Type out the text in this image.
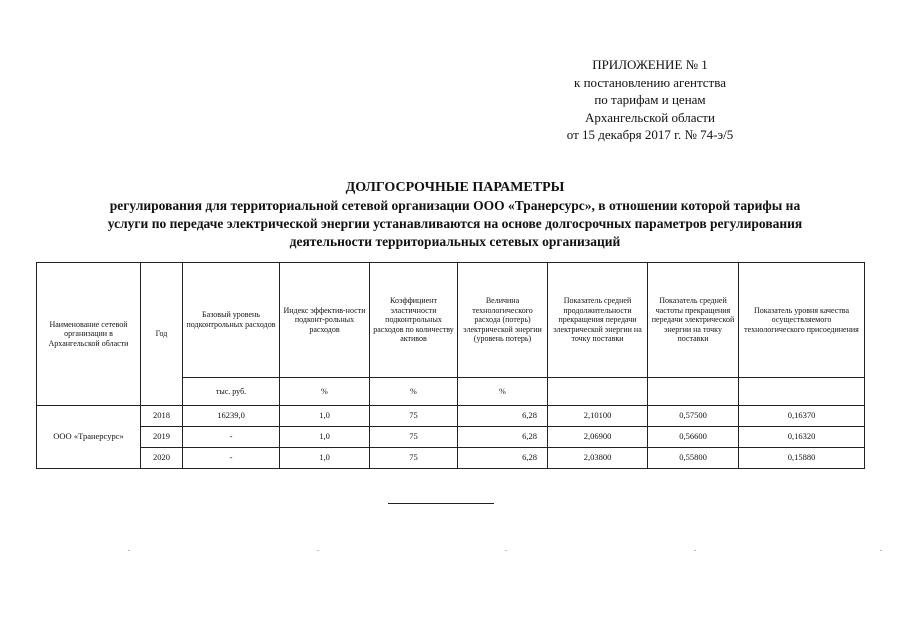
ПРИЛОЖЕНИЕ № 1
к постановлению агентства
по тарифам и ценам
Архангельской области
от 15 декабря 2017 г. № 74-э/5
ДОЛГОСРОЧНЫЕ ПАРАМЕТРЫ
регулирования для территориальной сетевой организации ООО «Транерсурс», в отношении которой тарифы на
услуги по передаче электрической энергии устанавливаются на основе долгосрочных параметров регулирования
деятельности территориальных сетевых организаций
Наименование сетевой организации в Архангельской области	Год	Базовый уровень подконтрольных расходов	Индекс эффектив-ности подконт-рольных расходов	Коэффициент эластичности подконтрольных расходов по количеству активов	Величина технологического расхода (потерь) электрической энергии (уровень потерь)	Показатель средней продолжительности прекращения передачи электрической энергии на точку поставки	Показатель средней частоты прекращения передачи электрической энергии на точку поставки	Показатель уровня качества осуществляемого технологического присоединения
		тыс. руб.	%	%	%			
ООО «Транерсурс»	2018	16239,0	1,0	75	6,28	2,10100	0,57500	0,16370
	2019	-	1,0	75	6,28	2,06900	0,56600	0,16320
	2020	-	1,0	75	6,28	2,03800	0,55800	0,15880
